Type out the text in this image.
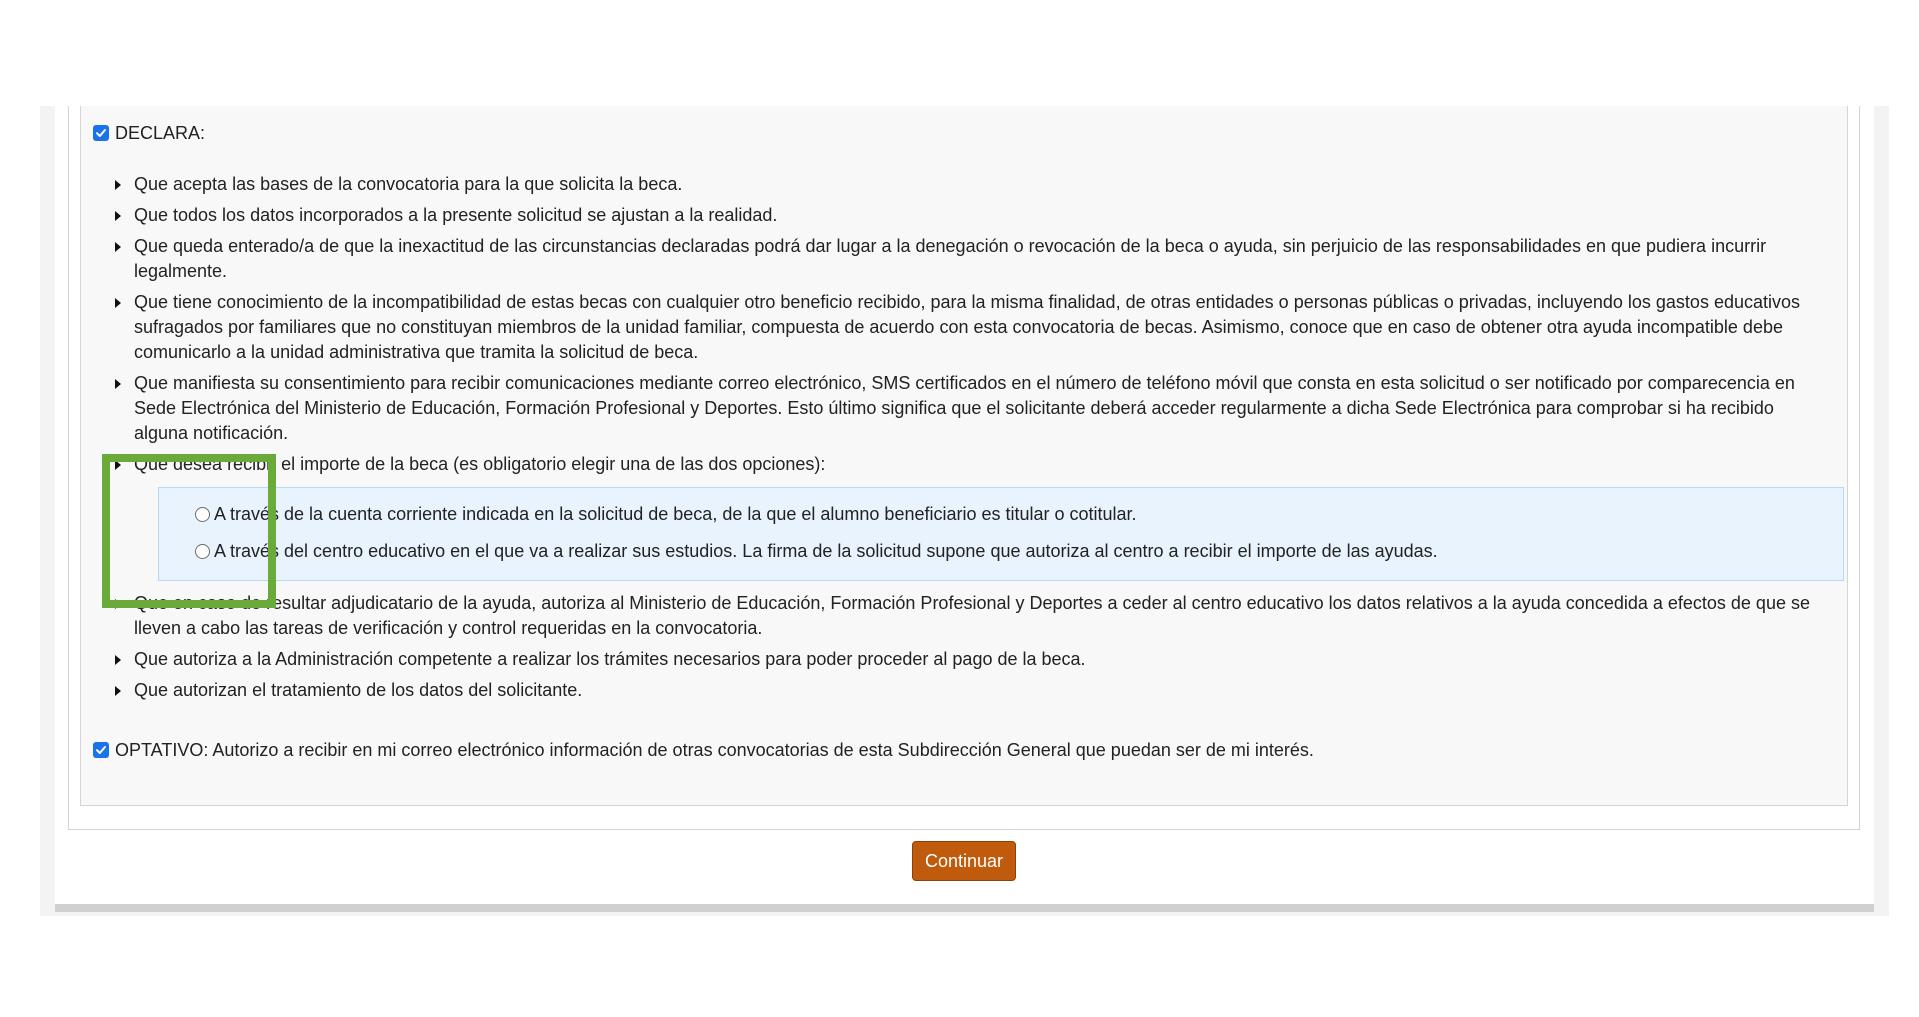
DECLARA:
Que acepta las bases de la convocatoria para la que solicita la beca.
Que todos los datos incorporados a la presente solicitud se ajustan a la realidad.
Que queda enterado/a de que la inexactitud de las circunstancias declaradas podrá dar lugar a la denegación o revocación de la beca o ayuda, sin perjuicio de las responsabilidades en que pudiera incurrir legalmente.
Que tiene conocimiento de la incompatibilidad de estas becas con cualquier otro beneficio recibido, para la misma finalidad, de otras entidades o personas públicas o privadas, incluyendo los gastos educativos sufragados por familiares que no constituyan miembros de la unidad familiar, compuesta de acuerdo con esta convocatoria de becas. Asimismo, conoce que en caso de obtener otra ayuda incompatible debe comunicarlo a la unidad administrativa que tramita la solicitud de beca.
Que manifiesta su consentimiento para recibir comunicaciones mediante correo electrónico, SMS certificados en el número de teléfono móvil que consta en esta solicitud o ser notificado por comparecencia en Sede Electrónica del Ministerio de Educación, Formación Profesional y Deportes. Esto último significa que el solicitante deberá acceder regularmente a dicha Sede Electrónica para comprobar si ha recibido alguna notificación.
Que desea recibir el importe de la beca (es obligatorio elegir una de las dos opciones):
A través de la cuenta corriente indicada en la solicitud de beca, de la que el alumno beneficiario es titular o cotitular.
A través del centro educativo en el que va a realizar sus estudios. La firma de la solicitud supone que autoriza al centro a recibir el importe de las ayudas.
Que en caso de resultar adjudicatario de la ayuda, autoriza al Ministerio de Educación, Formación Profesional y Deportes a ceder al centro educativo los datos relativos a la ayuda concedida a efectos de que se lleven a cabo las tareas de verificación y control requeridas en la convocatoria.
Que autoriza a la Administración competente a realizar los trámites necesarios para poder proceder al pago de la beca.
Que autorizan el tratamiento de los datos del solicitante.
OPTATIVO: Autorizo a recibir en mi correo electrónico información de otras convocatorias de esta Subdirección General que puedan ser de mi interés.
Continuar
